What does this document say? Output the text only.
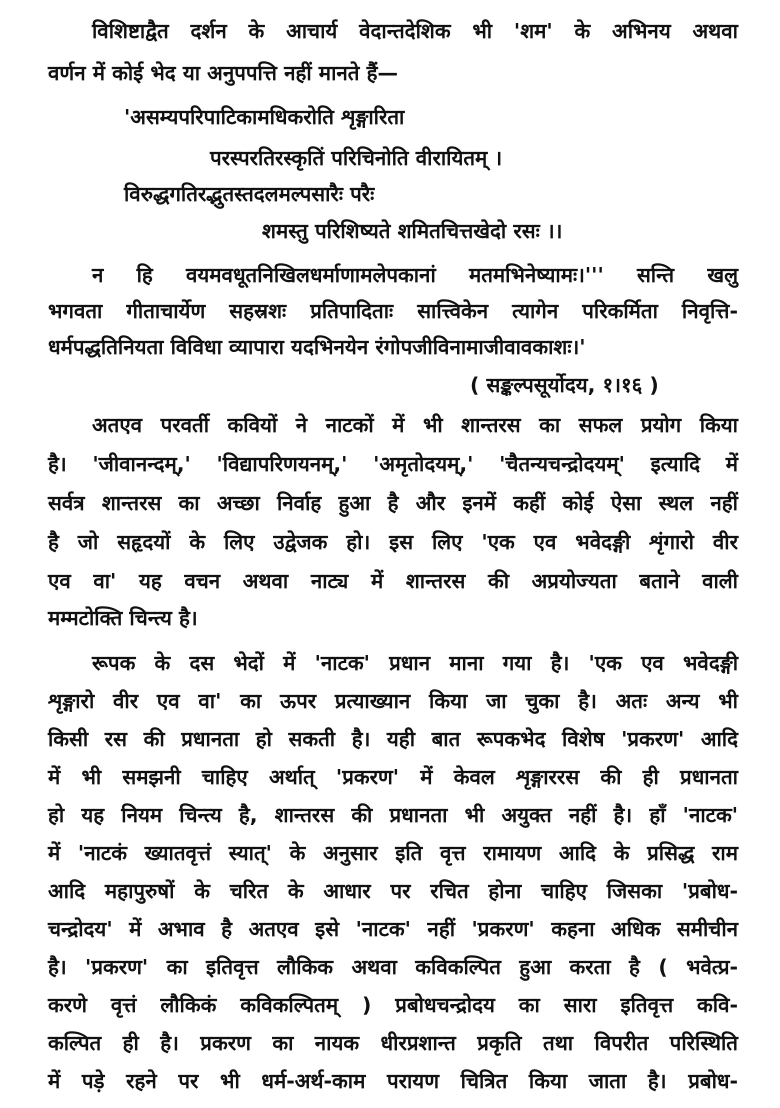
विशिष्टाद्वैत दर्शन के आचार्य वेदान्तदेशिक भी 'शम' के अभिनय अथवा
वर्णन में कोई भेद या अनुपपत्ति नहीं मानते हैं—
'असम्यपरिपाटिकामधिकरोति शृङ्गारिता
परस्परतिरस्कृतिं परिचिनोति वीरायितम् ।
विरुद्धगतिरद्भुतस्तदलमल्पसारैः परैः
शमस्तु परिशिष्यते शमितचित्तखेदो रसः ।।
न हि वयमवधूतनिखिलधर्माणामलेपकानां मतमभिनेष्यामः।''' सन्ति खलु
भगवता गीताचार्येण सहस्रशः प्रतिपादिताः सात्त्विकेन त्यागेन परिकर्मिता निवृत्ति-
धर्मपद्धतिनियता विविधा व्यापारा यदभिनयेन रंगोपजीविनामाजीवावकाशः।'
( सङ्कल्पसूर्योदय, १।१६ )
अतएव परवर्ती कवियों ने नाटकों में भी शान्तरस का सफल प्रयोग किया
है। 'जीवानन्दम्,' 'विद्यापरिणयनम्,' 'अमृतोदयम्,' 'चैतन्यचन्द्रोदयम्' इत्यादि में
सर्वत्र शान्तरस का अच्छा निर्वाह हुआ है और इनमें कहीं कोई ऐसा स्थल नहीं
है जो सहृदयों के लिए उद्वेजक हो। इस लिए 'एक एव भवेदङ्गी शृंगारो वीर
एव वा' यह वचन अथवा नाट्य में शान्तरस की अप्रयोज्यता बताने वाली
मम्मटोक्ति चिन्त्य है।
रूपक के दस भेदों में 'नाटक' प्रधान माना गया है। 'एक एव भवेदङ्गी
शृङ्गारो वीर एव वा' का ऊपर प्रत्याख्यान किया जा चुका है। अतः अन्य भी
किसी रस की प्रधानता हो सकती है। यही बात रूपकभेद विशेष 'प्रकरण' आदि
में भी समझनी चाहिए अर्थात् 'प्रकरण' में केवल शृङ्गाररस की ही प्रधानता
हो यह नियम चिन्त्य है, शान्तरस की प्रधानता भी अयुक्त नहीं है। हाँ 'नाटक'
में 'नाटकं ख्यातवृत्तं स्यात्' के अनुसार इति वृत्त रामायण आदि के प्रसिद्ध राम
आदि महापुरुषों के चरित के आधार पर रचित होना चाहिए जिसका 'प्रबोध-
चन्द्रोदय' में अभाव है अतएव इसे 'नाटक' नहीं 'प्रकरण' कहना अधिक समीचीन
है। 'प्रकरण' का इतिवृत्त लौकिक अथवा कविकल्पित हुआ करता है ( भवेत्प्र-
करणे वृत्तं लौकिकं कविकल्पितम् ) प्रबोधचन्द्रोदय का सारा इतिवृत्त कवि-
कल्पित ही है। प्रकरण का नायक धीरप्रशान्त प्रकृति तथा विपरीत परिस्थिति
में पड़े रहने पर भी धर्म-अर्थ-काम परायण चित्रित किया जाता है। प्रबोध-
